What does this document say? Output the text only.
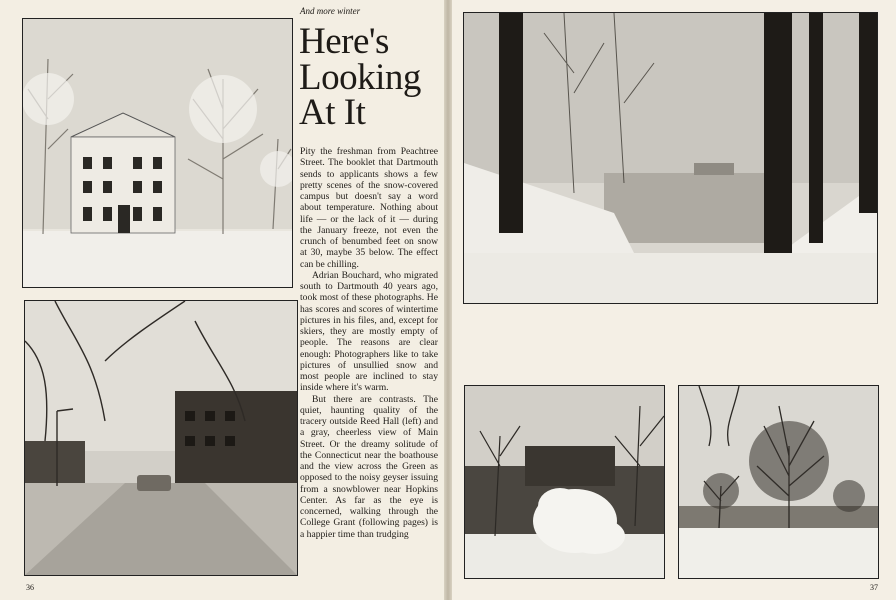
And more winter
Here's
Looking
At It

Pity the freshman from Peachtree Street. The booklet that Dartmouth sends to applicants shows a few pretty scenes of the snow-covered campus but doesn't say a word about temperature. Nothing about life — or the lack of it — during the January freeze, not even the crunch of benumbed feet on snow at 30, maybe 35 below. The effect can be chilling.

Adrian Bouchard, who migrated south to Dartmouth 40 years ago, took most of these photographs. He has scores and scores of wintertime pictures in his files, and, except for skiers, they are mostly empty of people. The reasons are clear enough: Photographers like to take pictures of unsullied snow and most people are inclined to stay inside where it's warm.

But there are contrasts. The quiet, haunting quality of the tracery outside Reed Hall (left) and a gray, cheerless view of Main Street. Or the dreamy solitude of the Connecticut near the boathouse and the view across the Green as opposed to the noisy geyser issuing from a snowblower near Hopkins Center. As far as the eye is concerned, walking through the College Grant (following pages) is a happier time than trudging

36	37
